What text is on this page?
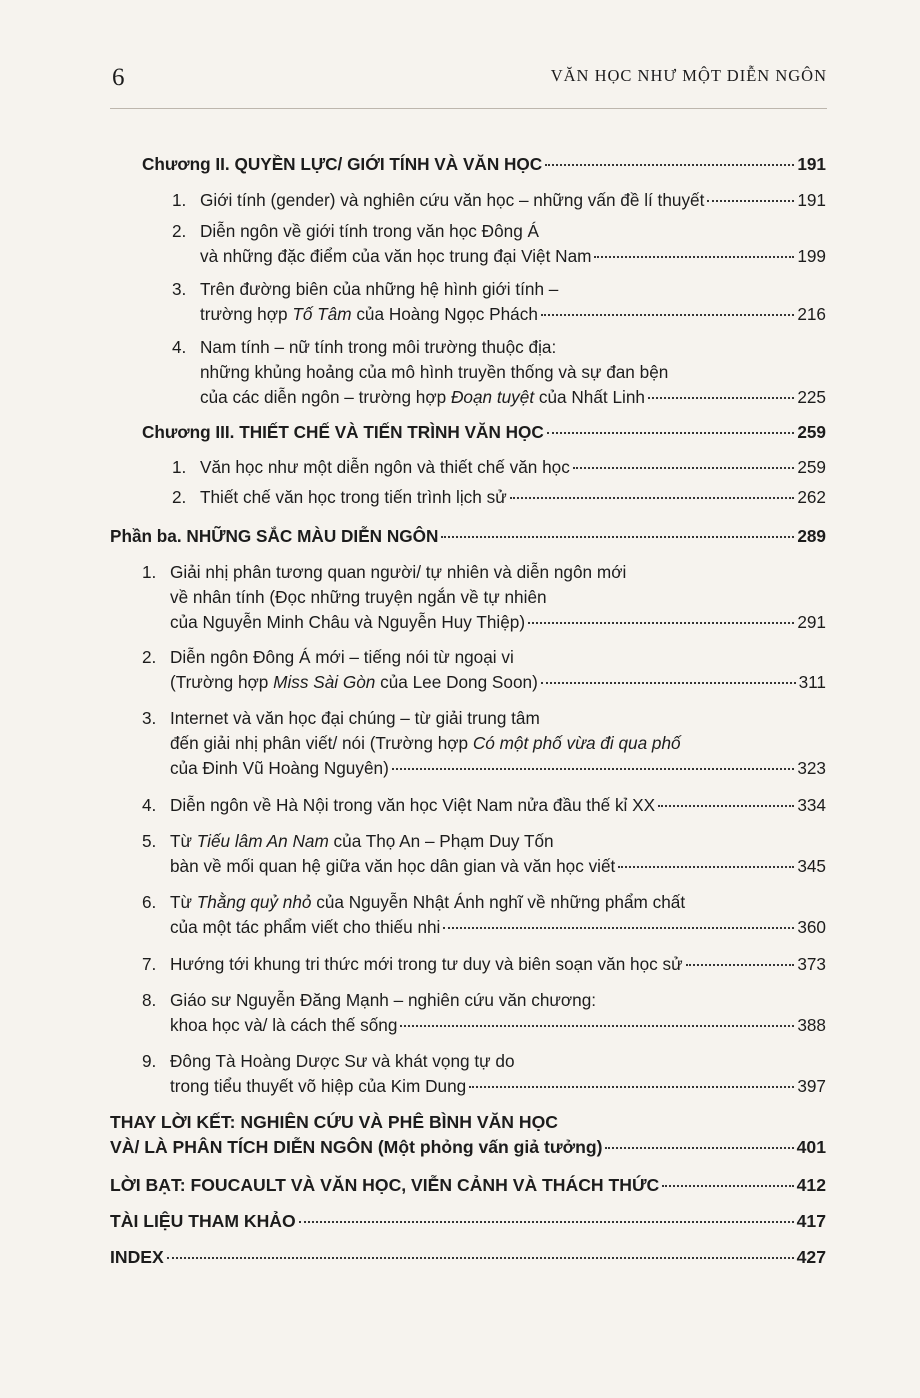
6	VĂN HỌC NHƯ MỘT DIỄN NGÔN
Chương II. QUYỀN LỰC/ GIỚI TÍNH VÀ VĂN HỌC	191
1. Giới tính (gender) và nghiên cứu văn học – những vấn đề lí thuyết	191
2. Diễn ngôn về giới tính trong văn học Đông Á
và những đặc điểm của văn học trung đại Việt Nam	199
3. Trên đường biên của những hệ hình giới tính –
trường hợp Tố Tâm của Hoàng Ngọc Phách	216
4. Nam tính – nữ tính trong môi trường thuộc địa:
những khủng hoảng của mô hình truyền thống và sự đan bện
của các diễn ngôn – trường hợp Đoạn tuyệt của Nhất Linh	225
Chương III. THIẾT CHẾ VÀ TIẾN TRÌNH VĂN HỌC	259
1. Văn học như một diễn ngôn và thiết chế văn học	259
2. Thiết chế văn học trong tiến trình lịch sử	262
Phần ba. NHỮNG SẮC MÀU DIỄN NGÔN	289
1. Giải nhị phân tương quan người/ tự nhiên và diễn ngôn mới
về nhân tính (Đọc những truyện ngắn về tự nhiên
của Nguyễn Minh Châu và Nguyễn Huy Thiệp)	291
2. Diễn ngôn Đông Á mới – tiếng nói từ ngoại vi
(Trường hợp Miss Sài Gòn của Lee Dong Soon)	311
3. Internet và văn học đại chúng – từ giải trung tâm
đến giải nhị phân viết/ nói (Trường hợp Có một phố vừa đi qua phố
của Đinh Vũ Hoàng Nguyên)	323
4. Diễn ngôn về Hà Nội trong văn học Việt Nam nửa đầu thế kỉ XX	334
5. Từ Tiếu lâm An Nam của Thọ An – Phạm Duy Tốn
bàn về mối quan hệ giữa văn học dân gian và văn học viết	345
6. Từ Thằng quỷ nhỏ của Nguyễn Nhật Ánh nghĩ về những phẩm chất
của một tác phẩm viết cho thiếu nhi	360
7. Hướng tới khung tri thức mới trong tư duy và biên soạn văn học sử	373
8. Giáo sư Nguyễn Đăng Mạnh – nghiên cứu văn chương:
khoa học và/ là cách thế sống	388
9. Đông Tà Hoàng Dược Sư và khát vọng tự do
trong tiểu thuyết võ hiệp của Kim Dung	397
THAY LỜI KẾT: NGHIÊN CỨU VÀ PHÊ BÌNH VĂN HỌC
VÀ/ LÀ PHÂN TÍCH DIỄN NGÔN (Một phỏng vấn giả tưởng)	401
LỜI BẠT: FOUCAULT VÀ VĂN HỌC, VIỄN CẢNH VÀ THÁCH THỨC	412
TÀI LIỆU THAM KHẢO	417
INDEX	427
